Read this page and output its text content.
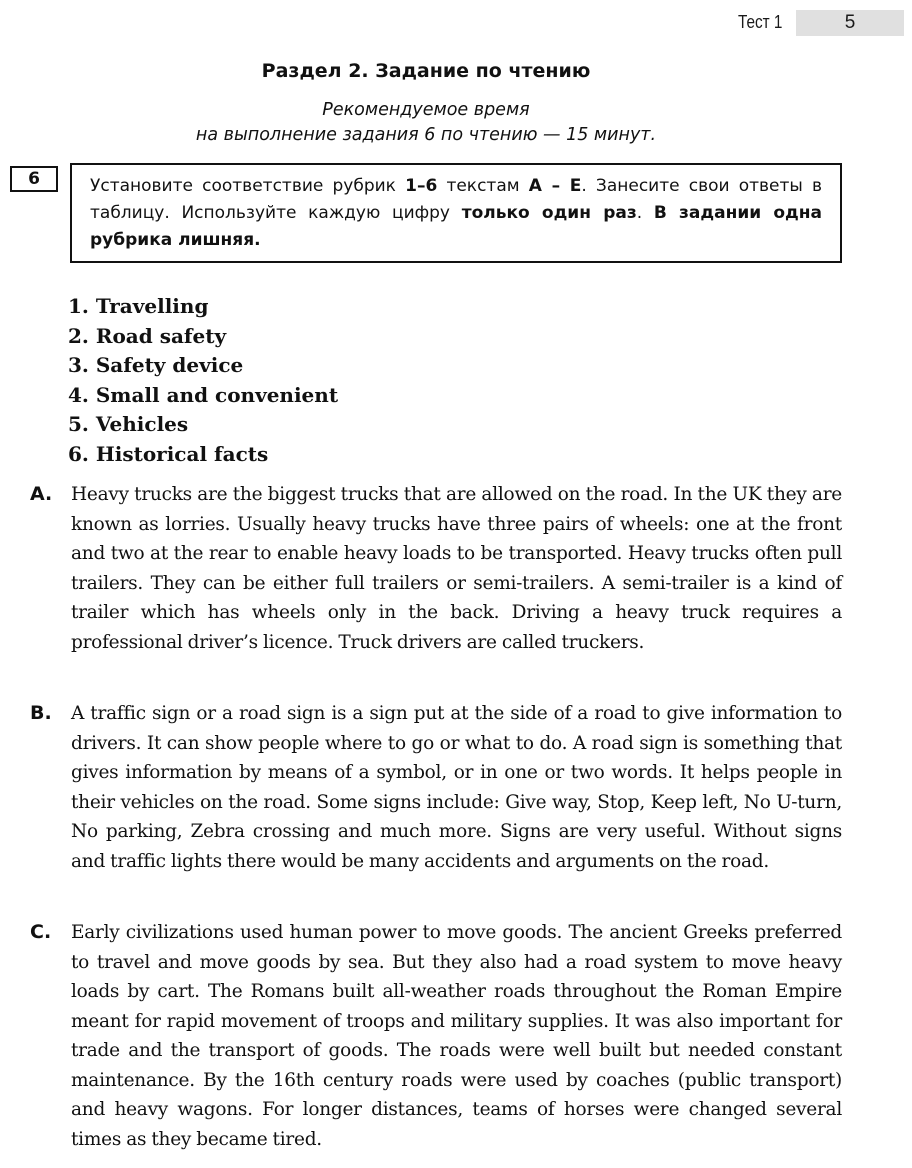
Тест 1	5
Раздел 2. Задание по чтению
Рекомендуемое время
на выполнение задания 6 по чтению — 15 минут.
6	Установите соответствие рубрик 1–6 текстам А – Е. Занесите свои ответы в таблицу. Используйте каждую цифру только один раз. В задании одна рубрика лишняя.
1. Travelling
2. Road safety
3. Safety device
4. Small and convenient
5. Vehicles
6. Historical facts
A. Heavy trucks are the biggest trucks that are allowed on the road. In the UK they are known as lorries. Usually heavy trucks have three pairs of wheels: one at the front and two at the rear to enable heavy loads to be transported. Heavy trucks often pull trailers. They can be either full trailers or semi-trailers. A semi-trailer is a kind of trailer which has wheels only in the back. Driving a heavy truck requires a professional driver’s licence. Truck drivers are called truckers.
B. A traffic sign or a road sign is a sign put at the side of a road to give information to drivers. It can show people where to go or what to do. A road sign is something that gives information by means of a symbol, or in one or two words. It helps people in their vehicles on the road. Some signs include: Give way, Stop, Keep left, No U-turn, No parking, Zebra crossing and much more. Signs are very useful. Without signs and traffic lights there would be many accidents and arguments on the road.
C. Early civilizations used human power to move goods. The ancient Greeks preferred to travel and move goods by sea. But they also had a road system to move heavy loads by cart. The Romans built all-weather roads throughout the Roman Empire meant for rapid movement of troops and military supplies. It was also important for trade and the transport of goods. The roads were well built but needed constant maintenance. By the 16th century roads were used by coaches (public transport) and heavy wagons. For longer distances, teams of horses were changed several times as they became tired.
